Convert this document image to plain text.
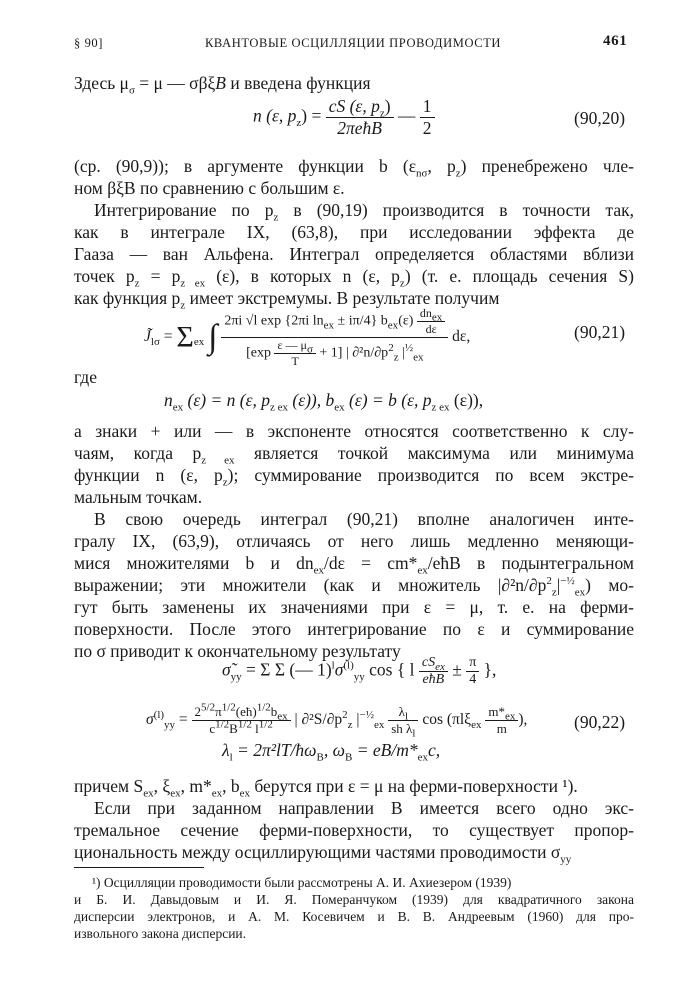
§ 90]	КВАНТОВЫЕ ОСЦИЛЛЯЦИИ ПРОВОДИМОСТИ	461
Здесь $\mu_\sigma = \mu$ — σβξB и введена функция
n (ε, $p_z) = \frac{cS (\varepsilon, p_z)}{\text{2πeħB}}$ — $\frac{1}{2}$	(90,20)
(ср. (90,9)); в аргументе функции b ($\varepsilon_{n\sigma}$, $p_z$) пренебрежено чле-
ном βξB по сравнению с большим ε.
Интегрирование по $p_z$ в (90,19) производится в точности так,
как в интеграле IX, (63,8), при исследовании эффекта де
Гааза — ван Альфена. Интеграл определяется областями вблизи
точек $p_z = p_{z ex}$ (ε), в которых n (ε, $p_z$) (т. е. площадь сечения S)
как функция $p_z$ имеет экстремумы. В результате получим
$J̃_{l\sigma} = \Sigma_{ex}$ ∫ $\frac{2\pi i √l \exp \{2\pi i \ln_{ex} \pm i\pi/4\} b_{ex}(\varepsilon) \frac{dn_{ex}}{d\varepsilon}}{[\exp \frac{\varepsilon — \mu_\sigma}{T} + 1] | \partial^2n/\partial p^2_z |^{\frac{1}{2}}_{ex}} d\varepsilon$,	(90,21)
где
$n_{ex}$ (ε) = n (ε, $p_{z ex}$ (ε)), $b_{ex}$ (ε) = b (ε, $p_{z ex}$ (ε)),
а знаки + или — в экспоненте относятся соответственно к слу-
чаям, когда $p_{z ex}$ является точкой максимума или минимума
функции n (ε, $p_z$); суммирование производится по всем экстре-
мальным точкам.
В свою очередь интеграл (90,21) вполне аналогичен инте-
гралу IX, (63,9), отличаясь от него лишь медленно меняющи-
мися множителями b и $dn_{ex}/d\varepsilon$ = $cm*_{ex}$/eħB в подынтегральном
выражении; эти множители (как и множитель $|\partial^2n/\partial p^2_z|^{-\frac{1}{2}}_{ex}$) мо-
гут быть заменены их значениями при ε = μ, т. е. на ферми-
поверхности. После этого интегрирование по ε и суммирование
по σ приводит к окончательному результату
$\sigmã_{yy} = \Sigma$ Σ (— $1)^l\sigma^{(l)}_{yy}$ cos { l $\frac{cS_{ex}}{\text{eħB}} \pm \frac{\pi}{4}$ },
$\sigma^{(l)}_{yy} = \frac{2^{5/2}\pi^{1/2}(eħ)^{1/2}b_{ex}}{c^{1/2}B^{1/2} l^{1/2}}$ | $\partial^2S/\partial p^2_z$ $|^{-\frac{1}{2}}_{ex} \frac{\lambda_l}{sh \lambda_l}$ $\cos (\pi l\xi_{ex} \frac{m*_{ex}}{m}$ ),	(90,22)
$\lambda_l$ = $2\pi^2lT/ħ\omega_B$, $\omega_B = eB/m*_{ex}c$,
причем $S_{ex}$, $\xi_{ex}$, $m*_{ex}$, $b_{ex}$ берутся при ε = μ на ферми-поверхности ¹).
Если при заданном направлении B имеется всего одно экс-
тремальное сечение ферми-поверхности, то существует пропор-
циональность между осциллирующими частями проводимости $\sigma_{yy}$
¹) Осцилляции проводимости были рассмотрены А. И. Ахиезером (1939)
и Б. И. Давыдовым и И. Я. Померанчуком (1939) для квадратичного закона
дисперсии электронов, и А. М. Косевичем и В. В. Андреевым (1960) для про-
извольного закона дисперсии.
